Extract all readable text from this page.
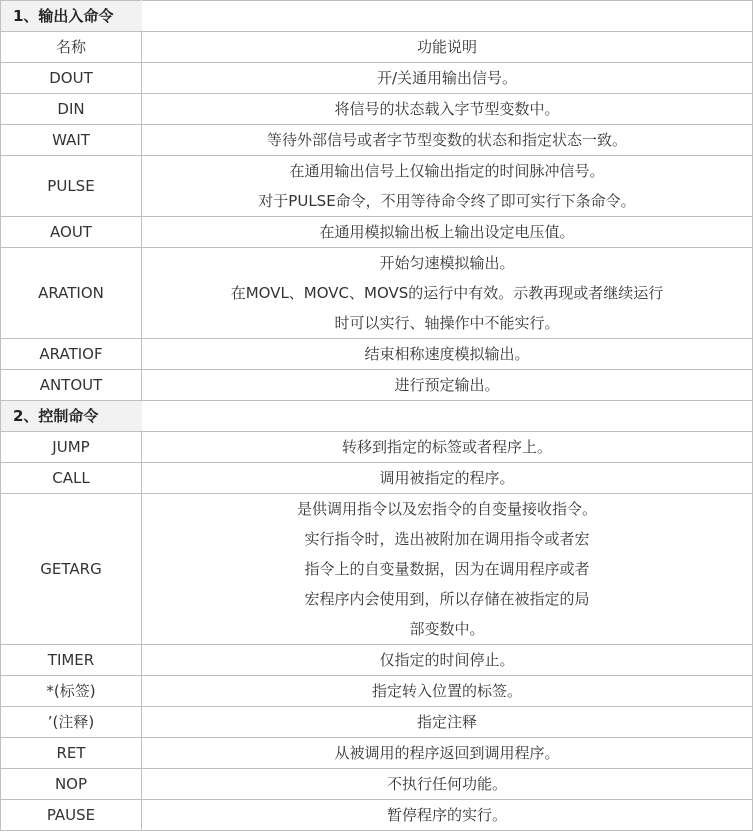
1、输出入命令	
名称	功能说明
DOUT	开/关通用输出信号。

DIN	将信号的状态载入字节型变数中。

WAIT	等待外部信号或者字节型变数的状态和指定状态一致。

PULSE	在通用输出信号上仅输出指定的时间脉冲信号。
对于PULSE命令，不用等待命令终了即可实行下条命令。

AOUT	在通用模拟输出板上输出设定电压值。

ARATION	开始匀速模拟输出。
在MOVL、MOVC、MOVS的运行中有效。示教再现或者继续运行
时可以实行、轴操作中不能实行。

ARATIOF	结束相称速度模拟输出。

ANTOUT	进行预定输出。

2、控制命令	
JUMP	转移到指定的标签或者程序上。

CALL	调用被指定的程序。

GETARG	是供调用指令以及宏指令的自变量接收指令。
实行指令时，选出被附加在调用指令或者宏
指令上的自变量数据，因为在调用程序或者
宏程序内会使用到，所以存储在被指定的局
部变数中。

TIMER	仅指定的时间停止。

*(标签)	指定转入位置的标签。

’(注释)	指定注释

RET	从被调用的程序返回到调用程序。

NOP	不执行任何功能。

PAUSE	暂停程序的实行。
